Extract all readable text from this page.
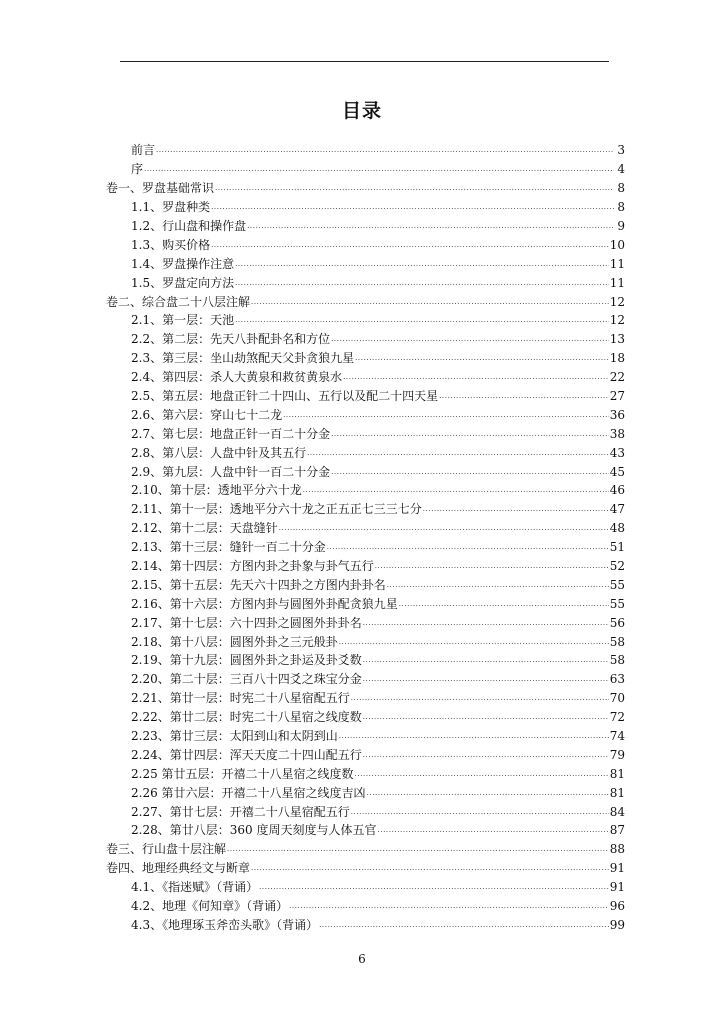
目录
前言 .....	3
序 .....	4
卷一、罗盘基础常识 .....	8
1.1、罗盘种类 .....	8
1.2、行山盘和操作盘 .....	9
1.3、购买价格 .....	10
1.4、罗盘操作注意 .....	11
1.5、罗盘定向方法 .....	11
卷二、综合盘二十八层注解 .....	12
2.1、第一层：天池 .....	12
2.2、第二层：先天八卦配卦名和方位 .....	13
2.3、第三层：坐山劫煞配天父卦贪狼九星 .....	18
2.4、第四层：杀人大黄泉和救贫黄泉水 .....	22
2.5、第五层：地盘正针二十四山、五行以及配二十四天星 .....	27
2.6、第六层：穿山七十二龙 .....	36
2.7、第七层：地盘正针一百二十分金 .....	38
2.8、第八层：人盘中针及其五行 .....	43
2.9、第九层：人盘中针一百二十分金 .....	45
2.10、第十层：透地平分六十龙 .....	46
2.11、第十一层：透地平分六十龙之正五正七三三七分 .....	47
2.12、第十二层：天盘缝针 .....	48
2.13、第十三层：缝针一百二十分金 .....	51
2.14、第十四层：方图内卦之卦象与卦气五行 .....	52
2.15、第十五层：先天六十四卦之方图内卦卦名 .....	55
2.16、第十六层：方图内卦与圆图外卦配贪狼九星 .....	55
2.17、第十七层：六十四卦之圆图外卦卦名 .....	56
2.18、第十八层：圆图外卦之三元般卦 .....	58
2.19、第十九层：圆图外卦之卦运及卦爻数 .....	58
2.20、第二十层：三百八十四爻之珠宝分金 .....	63
2.21、第廿一层：时宪二十八星宿配五行 .....	70
2.22、第廿二层：时宪二十八星宿之线度数 .....	72
2.23、第廿三层：太阳到山和太阴到山 .....	74
2.24、第廿四层：浑天天度二十四山配五行 .....	79
2.25 第廿五层：开禧二十八星宿之线度数 .....	81
2.26 第廿六层：开禧二十八星宿之线度吉凶 .....	81
2.27、第廿七层：开禧二十八星宿配五行 .....	84
2.28、第廿八层：360 度周天刻度与人体五官 .....	87
卷三、行山盘十层注解 .....	88
卷四、地理经典经文与断章 .....	91
4.1、《指迷赋》（背诵） .....	91
4.2、地理《何知章》（背诵） .....	96
4.3、《地理琢玉斧峦头歌》（背诵） .....	99
6
